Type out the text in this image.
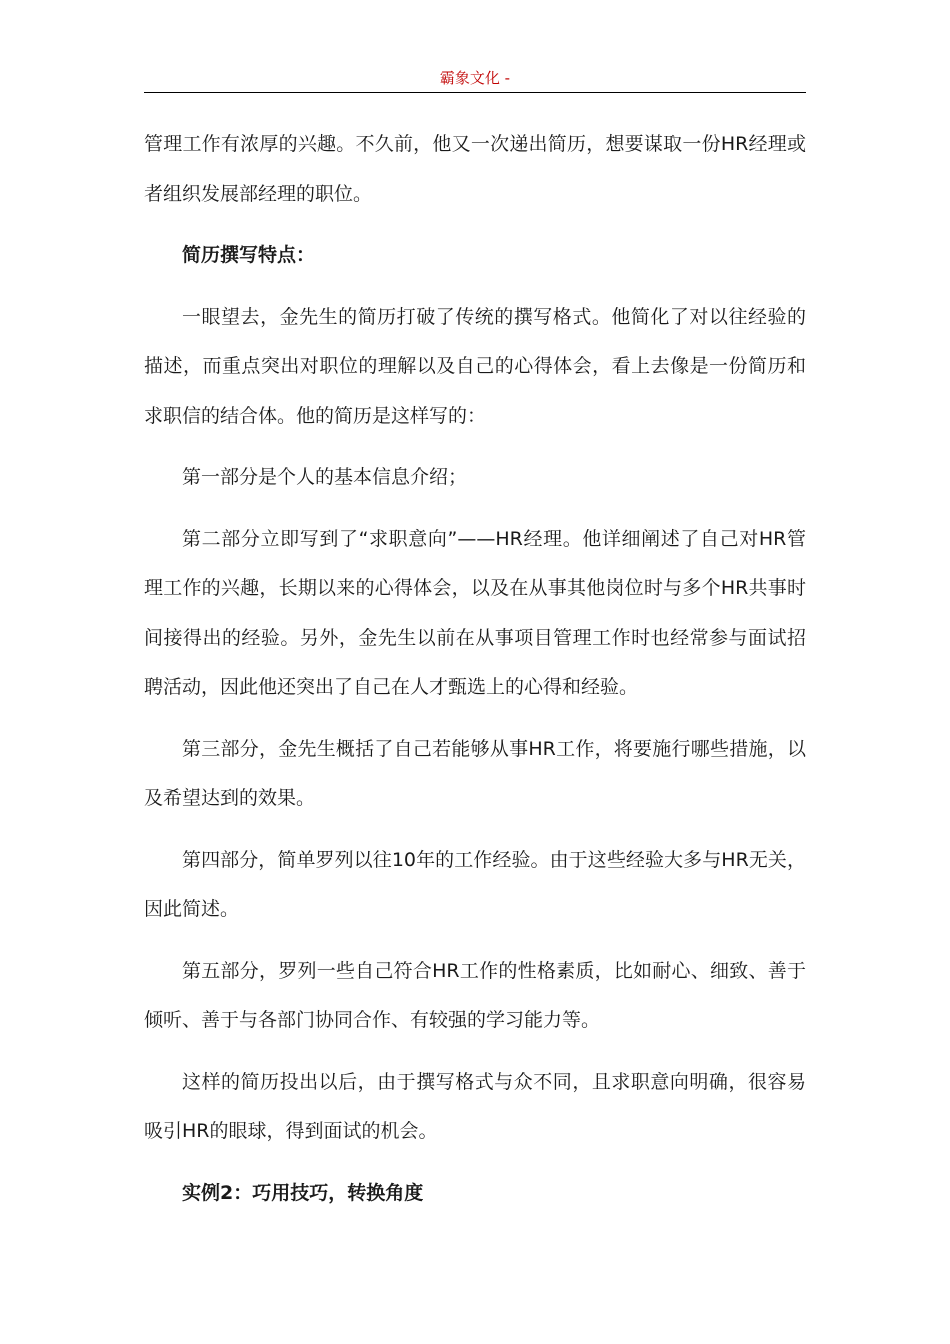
霸象文化 -

管理工作有浓厚的兴趣。不久前，他又一次递出简历，想要谋取一份HR经理或者组织发展部经理的职位。

简历撰写特点：

一眼望去，金先生的简历打破了传统的撰写格式。他简化了对以往经验的描述，而重点突出对职位的理解以及自己的心得体会，看上去像是一份简历和求职信的结合体。他的简历是这样写的：

第一部分是个人的基本信息介绍；

第二部分立即写到了“求职意向”——HR经理。他详细阐述了自己对HR管理工作的兴趣，长期以来的心得体会，以及在从事其他岗位时与多个HR共事时间接得出的经验。另外，金先生以前在从事项目管理工作时也经常参与面试招聘活动，因此他还突出了自己在人才甄选上的心得和经验。

第三部分，金先生概括了自己若能够从事HR工作，将要施行哪些措施，以及希望达到的效果。

第四部分，简单罗列以往10年的工作经验。由于这些经验大多与HR无关，因此简述。

第五部分，罗列一些自己符合HR工作的性格素质，比如耐心、细致、善于倾听、善于与各部门协同合作、有较强的学习能力等。

这样的简历投出以后，由于撰写格式与众不同，且求职意向明确，很容易吸引HR的眼球，得到面试的机会。

实例2：巧用技巧，转换角度
